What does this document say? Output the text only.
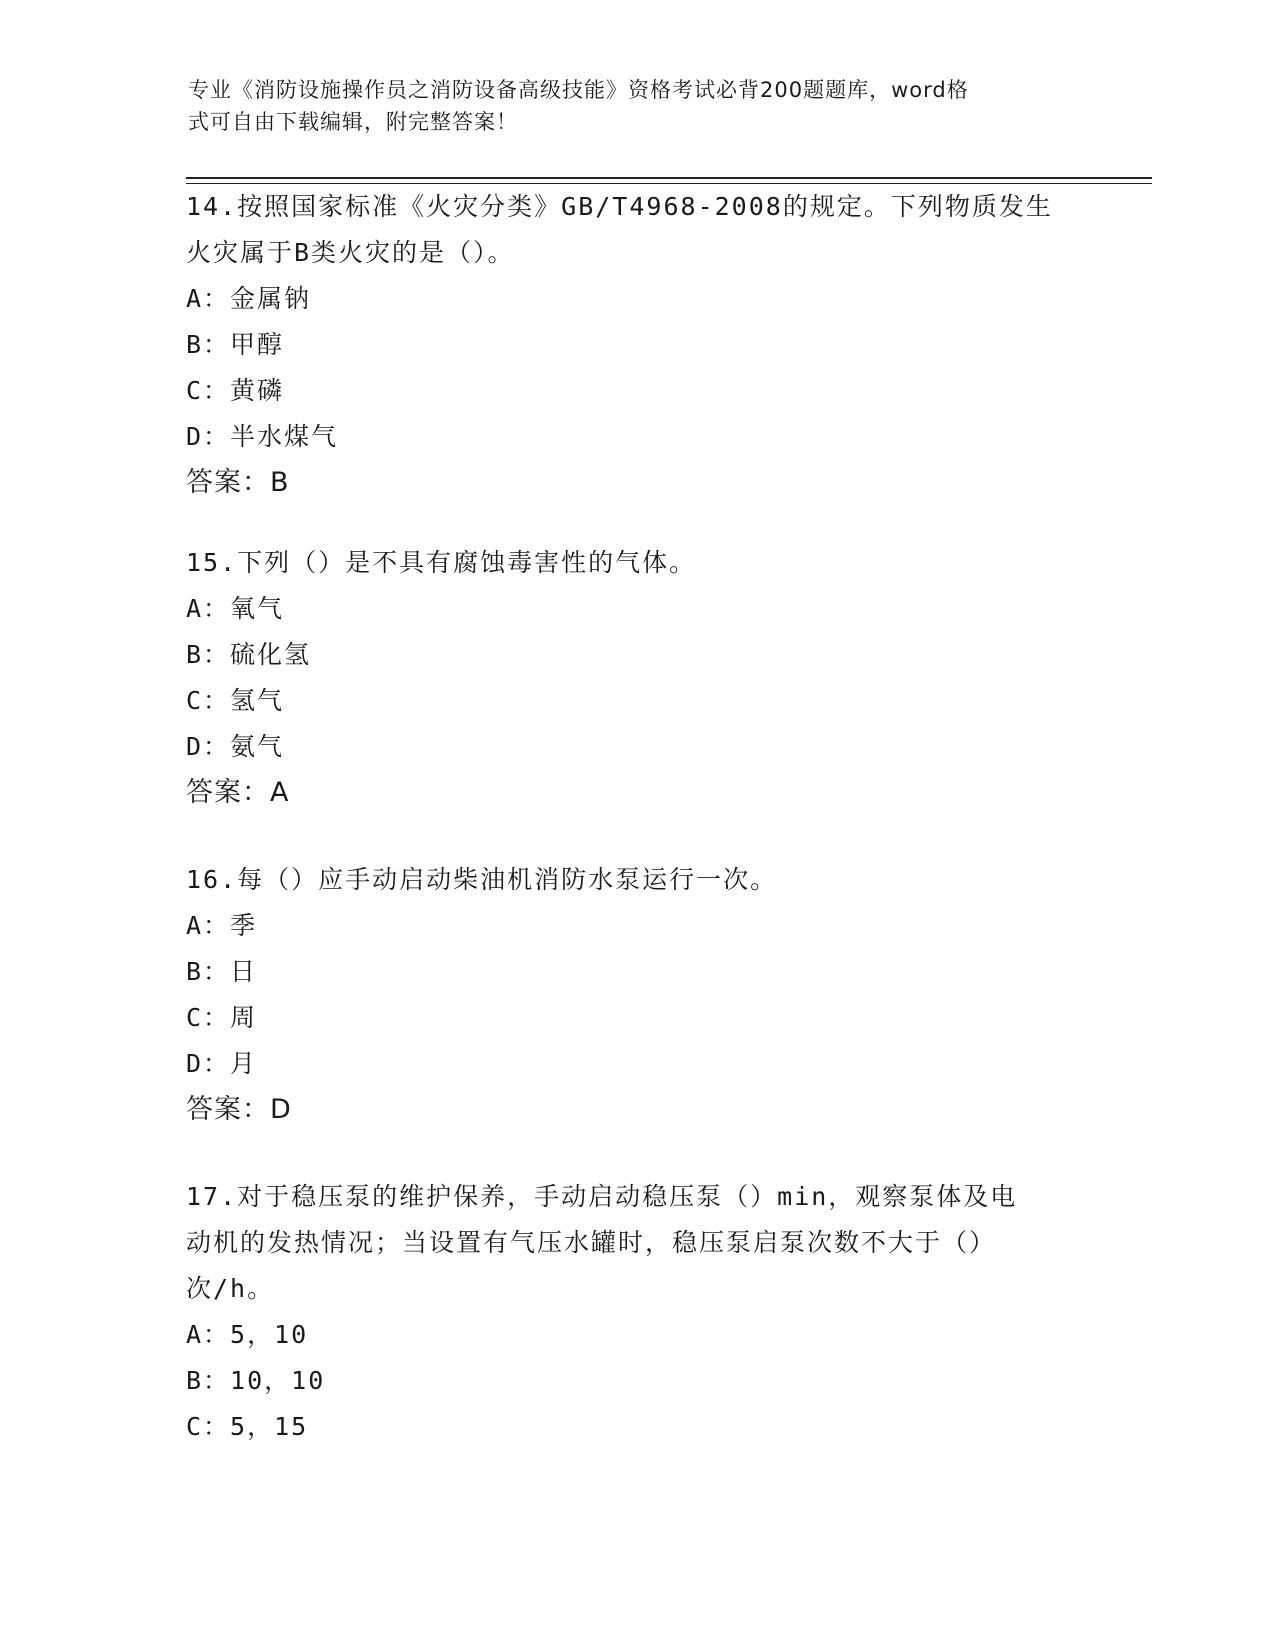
专业《消防设施操作员之消防设备高级技能》资格考试必背200题题库，word格
式可自由下载编辑，附完整答案！
14.按照国家标准《火灾分类》GB/T4968-2008的规定。下列物质发生
火灾属于B类火灾的是（）。
A：金属钠
B：甲醇
C：黄磷
D：半水煤气
答案：B
15.下列（）是不具有腐蚀毒害性的气体。
A：氧气
B：硫化氢
C：氢气
D：氨气
答案：A
16.每（）应手动启动柴油机消防水泵运行一次。
A：季
B：日
C：周
D：月
答案：D
17.对于稳压泵的维护保养，手动启动稳压泵（）min，观察泵体及电
动机的发热情况；当设置有气压水罐时，稳压泵启泵次数不大于（）
次/h。
A：5，10
B：10，10
C：5，15
